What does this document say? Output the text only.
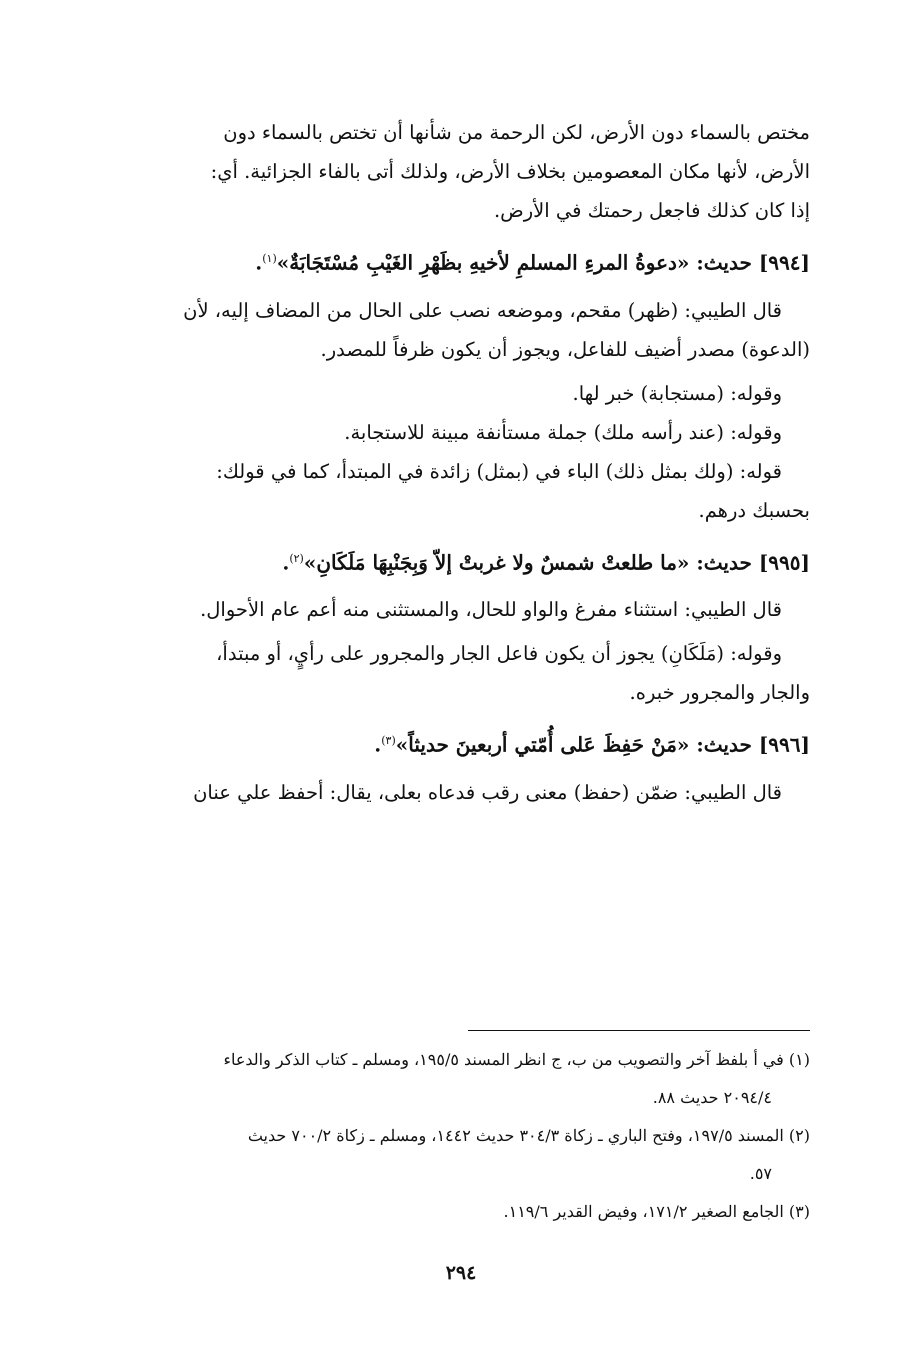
مختص بالسماء دون الأرض، لكن الرحمة من شأنها أن تختص بالسماء دون

الأرض، لأنها مكان المعصومين بخلاف الأرض، ولذلك أتى بالفاء الجزائية. أي:

إذا كان كذلك فاجعل رحمتك في الأرض.

[٩٩٤] حديث: «دعوةُ المرءِ المسلمِ لأخيهِ بظَهْرِ الغَيْبِ مُسْتَجَابَةٌ»$^{(١)}$.

قال الطيبي: (ظهر) مقحم، وموضعه نصب على الحال من المضاف إليه، لأن

(الدعوة) مصدر أضيف للفاعل، ويجوز أن يكون ظرفاً للمصدر.

وقوله: (مستجابة) خبر لها.

وقوله: (عند رأسه ملك) جملة مستأنفة مبينة للاستجابة.

قوله: (ولك بمثل ذلك) الباء في (بمثل) زائدة في المبتدأ، كما في قولك:

بحسبك درهم.

[٩٩٥] حديث: «ما طلعتْ شمسٌ ولا غربتْ إلاّ وَبِجَنْبِهَا مَلَكَانِ»$^{(٢)}$.

قال الطيبي: استثناء مفرغ والواو للحال، والمستثنى منه أعم عام الأحوال.

وقوله: (مَلَكَانِ) يجوز أن يكون فاعل الجار والمجرور على رأيٍ، أو مبتدأ،

والجار والمجرور خبره.

[٩٩٦] حديث: «مَنْ حَفِظَ عَلى أُمّتي أربعينَ حديثاً»$^{(٣)}$.

قال الطيبي: ضمّن (حفظ) معنى رقب فدعاه بعلى، يقال: أحفظ علي عنان

(١) في أ بلفظ آخر والتصويب من ب، ج انظر المسند ١٩٥/٥، ومسلم ـ كتاب الذكر والدعاء
٢٠٩٤/٤ حديث ٨٨.

(٢) المسند ١٩٧/٥، وفتح الباري ـ زكاة ٣٠٤/٣ حديث ١٤٤٢، ومسلم ـ زكاة ٧٠٠/٢ حديث
٥٧.

(٣) الجامع الصغير ١٧١/٢، وفيض القدير ١١٩/٦.

٢٩٤
